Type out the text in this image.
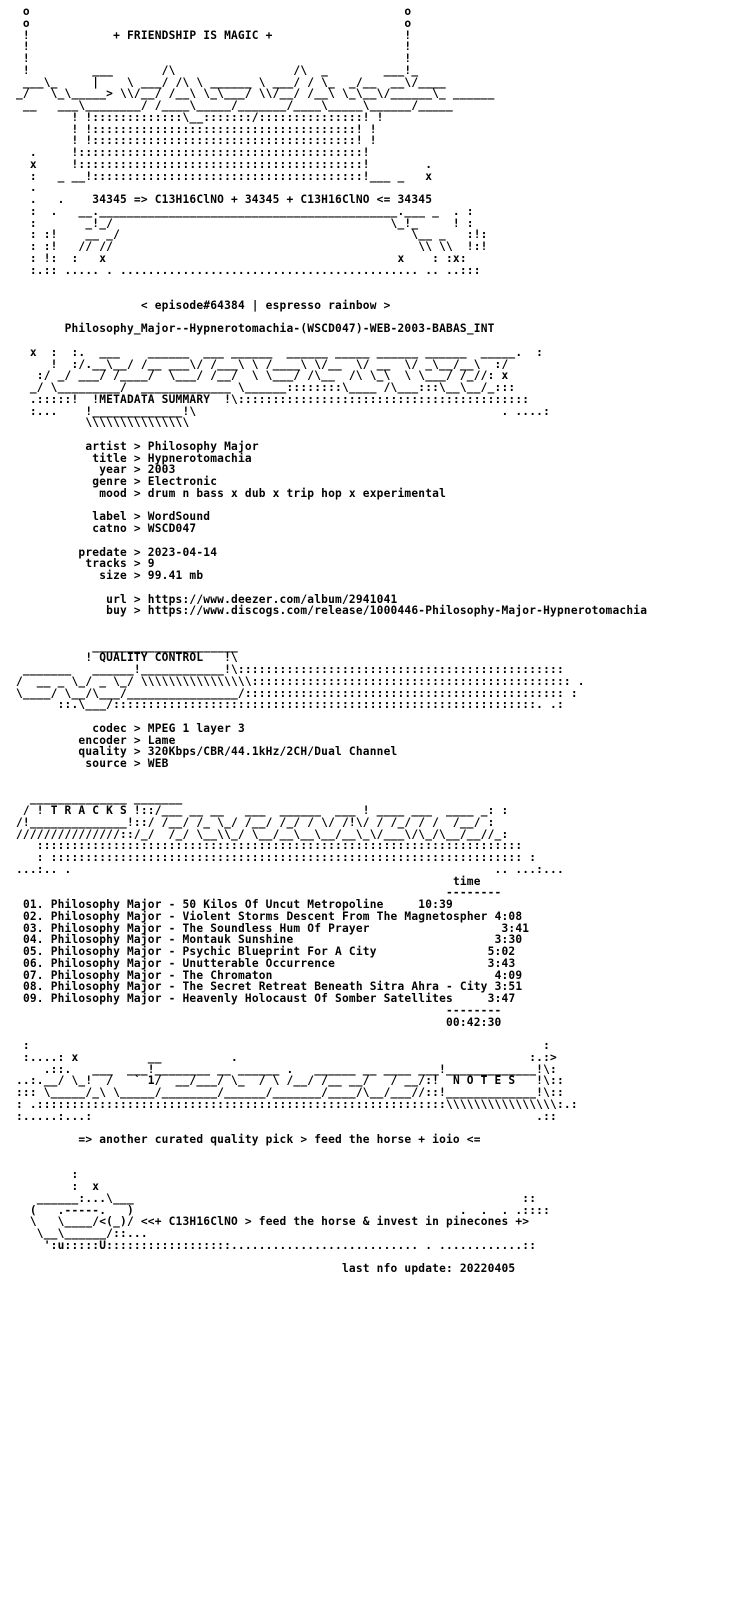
o                                                      o
o                                                      o
!            + FRIENDSHIP IS MAGIC +                   !
!                                                      !
!                                                      !
!         ___       /\                 /\  _        ___!_
___\_     |    \ ___/ /\ \ ______ \ ___/ / \_  _/__  __\/____
_/   \_\_____> \\/__/ /__\ \_\___/ \\/__/ /__\ \_\__\/______\_ ______
__   ___\________/ /____\_____/_______/____\_____\______/_____
! !:::::::::::::\__:::::::/:::::::::::::::! !
! !::::::::::::::::::::::::::::::::::::::! !
! !::::::::::::::::::::::::::::::::::::::! !
.     !:::::::::::::::::::::::::::::::::::::::::!
x     !:::::::::::::::::::::::::::::::::::::::::!        .
:   _ __!:::::::::::::::::::::::::::::::::::::::!___ _   x
.
.   .    34345 => C13H16ClNO + 34345 + C13H16ClNO <= 34345
:  .   __.___________________________________________.___ _  . :
:       _!_/                                        \_!_     ! :
: :!    __ _/                                          \__ _   :!:
: :!   // //                                            \\ \\  !:!
: !:  :   x                                          x    : :x:
:.:: ..... . ........................................... .. ..:::

< episode#64384 | espresso rainbow >

Philosophy_Major--Hypnerotomachia-(WSCD047)-WEB-2003-BABAS_INT

x  :  :.  ___    ______  ___ ______  ______ _____ ______ ______  _____.  :
!  :/.__\__/ /__ ___\/ /___\ \ /____\ \/__  \/ __  \/ _\__/__\  :/
:/ _/ ___/ /____/  \___/ /__/  \ \___/ /\__  /\ \_\  \ \___/ /_//: x
_/ \_________/  _____________ \______::::::::\____ /\___:::\__\__/_:::
.:::::!  !METADATA SUMMARY  !\::::::::::::::::::::::::::::::::::::::::::
:...    !_____________!\                                            . ....:
\\\\\\\\\\\\\\\

artist > Philosophy Major
title > Hypnerotomachia
year > 2003
genre > Electronic
mood > drum n bass x dub x trip hop x experimental

label > WordSound
catno > WSCD047

predate > 2023-04-14
tracks > 9
size > 99.41 mb

url > https://www.deezer.com/album/2941041
buy > https://www.discogs.com/release/1000446-Philosophy-Major-Hypnerotomachia

_____________________
! QUALITY CONTROL   !\
_______   ______!____________!\:::::::::::::::::::::::::::::::::::::::::::::::
/  __ _ \_/ _ \_/ \\\\\\\\\\\\\\\\:::::::::::::::::::::::::::::::::::::::::::::: .
\____/ \__/\___/________________/:::::::::::::::::::::::::::::::::::::::::::::: :
::.\___/:::::::::::::::::::::::::::::::::::::::::::::::::::::::::::::. .:

codec > MPEG 1 layer 3
encoder > Lame
quality > 320Kbps/CBR/44.1kHz/2CH/Dual Channel
source > WEB

______________ _______
/ ! T R A C K S !::/___ __ __   ___  ______  ___ ! ____ ___  ____ _: :
/!______________!::/ /__/ /_ \_/ /__/ /_/ / \/ /!\/ / /_/ / /  /__/ :
///////////////::/_/  /_/ \__\\_/ \__/__\__\__/__\_\/___\/\_/\__/__//_:
::::::::::::::::::::::::::::::::::::::::::::::::::::::::::::::::::::::
: :::::::::::::::::::::::::::::::::::::::::::::::::::::::::::::::::::: :
...:.. .                                                             .. ...:...
time
--------
01. Philosophy Major - 50 Kilos Of Uncut Metropoline	10:39
02. Philosophy Major - Violent Storms Descent From The Magnetospher 4:08
03. Philosophy Major - The Soundless Hum Of Prayer	3:41
04. Philosophy Major - Montauk Sunshine	3:30
05. Philosophy Major - Psychic Blueprint For A City	5:02
06. Philosophy Major - Unutterable Occurrence	3:43
07. Philosophy Major - The Chromaton	4:09
08. Philosophy Major - The Secret Retreat Beneath Sitra Ahra - City 3:51
09. Philosophy Major - Heavenly Holocaust Of Somber Satellites	3:47
--------
00:42:30

:                                                                          :
:....: x          __          .                                          :.:>
.::.   ___  ___!________ __ ______ .   ______ __ ____ ___!_____________!\:
..:.__/ \_!  /   ` 1/  __/___/ \_  / \ /__/ /__ __/   / __/:!  N O T E S   !\::
::: \_____/_\ \_____/________/______/_______/____/\__/___//::!_____________!\::
: .:::::::::::::::::::::::::::::::::::::::::::::::::::::::::::\\\\\\\\\\\\\\\\:.:
:.....:...:                                                                .::

=> another curated quality pick > feed the horse + ioio <=

:
:  x
______:...\___                                                        ::
(   .-----.   )                                               .  .  . .::::
\   \____/<(_)/ <<+ C13H16ClNO > feed the horse & invest in pinecones +>
\__\______/::...
':u:::::U::::::::::::::::::........................... . ............::

last nfo update: 20220405
